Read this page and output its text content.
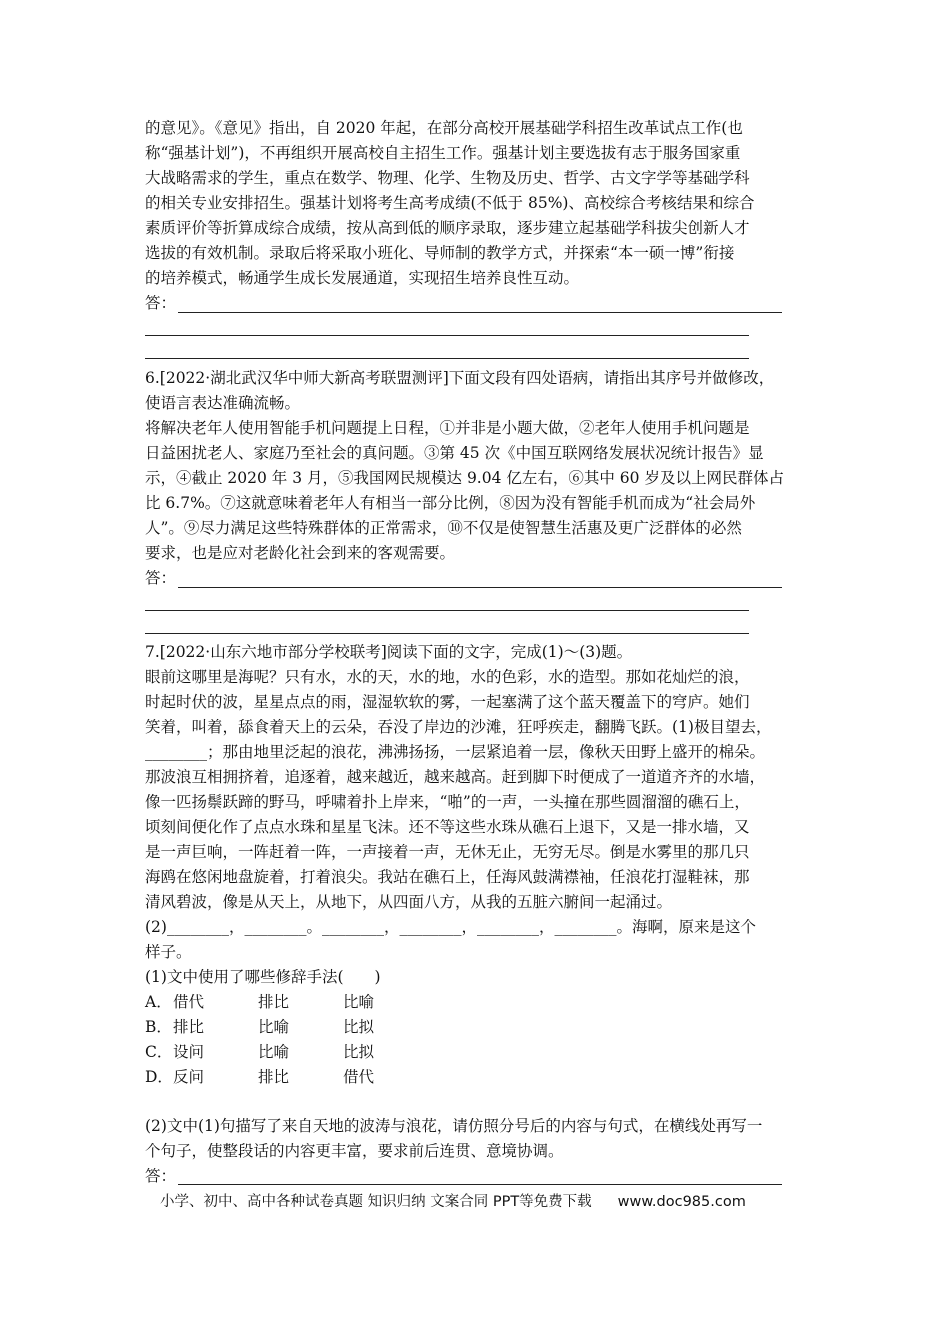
的意见》。《意见》指出，自 2020 年起，在部分高校开展基础学科招生改革试点工作(也
称“强基计划”)，不再组织开展高校自主招生工作。强基计划主要选拔有志于服务国家重
大战略需求的学生，重点在数学、物理、化学、生物及历史、哲学、古文字学等基础学科
的相关专业安排招生。强基计划将考生高考成绩(不低于 85%)、高校综合考核结果和综合
素质评价等折算成综合成绩，按从高到低的顺序录取，逐步建立起基础学科拔尖创新人才
选拔的有效机制。录取后将采取小班化、导师制的教学方式，并探索“本一硕一博”衔接
的培养模式，畅通学生成长发展通道，实现招生培养良性互动。
答：
6.[2022·湖北武汉华中师大新高考联盟测评]下面文段有四处语病，请指出其序号并做修改，
使语言表达准确流畅。
将解决老年人使用智能手机问题提上日程，①并非是小题大做，②老年人使用手机问题是
日益困扰老人、家庭乃至社会的真问题。③第 45 次《中国互联网络发展状况统计报告》显
示，④截止 2020 年 3 月，⑤我国网民规模达 9.04 亿左右，⑥其中 60 岁及以上网民群体占
比 6.7%。⑦这就意味着老年人有相当一部分比例，⑧因为没有智能手机而成为“社会局外
人”。⑨尽力满足这些特殊群体的正常需求，⑩不仅是使智慧生活惠及更广泛群体的必然
要求，也是应对老龄化社会到来的客观需要。
答：
7.[2022·山东六地市部分学校联考]阅读下面的文字，完成(1)～(3)题。
眼前这哪里是海呢？只有水，水的天，水的地，水的色彩，水的造型。那如花灿烂的浪，
时起时伏的波，星星点点的雨，湿湿软软的雾，一起塞满了这个蓝天覆盖下的穹庐。她们
笑着，叫着，舔食着天上的云朵，吞没了岸边的沙滩，狂呼疾走，翻腾飞跃。(1)极目望去，
________；那由地里泛起的浪花，沸沸扬扬，一层紧追着一层，像秋天田野上盛开的棉朵。
那波浪互相拥挤着，追逐着，越来越近，越来越高。赶到脚下时便成了一道道齐齐的水墙，
像一匹扬鬃跃蹄的野马，呼啸着扑上岸来，“啪”的一声，一头撞在那些圆溜溜的礁石上，
顷刻间便化作了点点水珠和星星飞沫。还不等这些水珠从礁石上退下，又是一排水墙，又
是一声巨响，一阵赶着一阵，一声接着一声，无休无止，无穷无尽。倒是水雾里的那几只
海鸥在悠闲地盘旋着，打着浪尖。我站在礁石上，任海风鼓满襟袖，任浪花打湿鞋袜，那
清风碧波，像是从天上，从地下，从四面八方，从我的五脏六腑间一起涌过。
(2)________，________。________，________，________，________。海啊，原来是这个
样子。
(1)文中使用了哪些修辞手法(　　)
A．借代	排比	比喻
B．排比	比喻	比拟
C．设问	比喻	比拟
D．反问	排比	借代
(2)文中(1)句描写了来自天地的波涛与浪花，请仿照分号后的内容与句式，在横线处再写一
个句子，使整段话的内容更丰富，要求前后连贯、意境协调。
答：
小学、初中、高中各种试卷真题 知识归纳 文案合同 PPT等免费下载 www.doc985.com
